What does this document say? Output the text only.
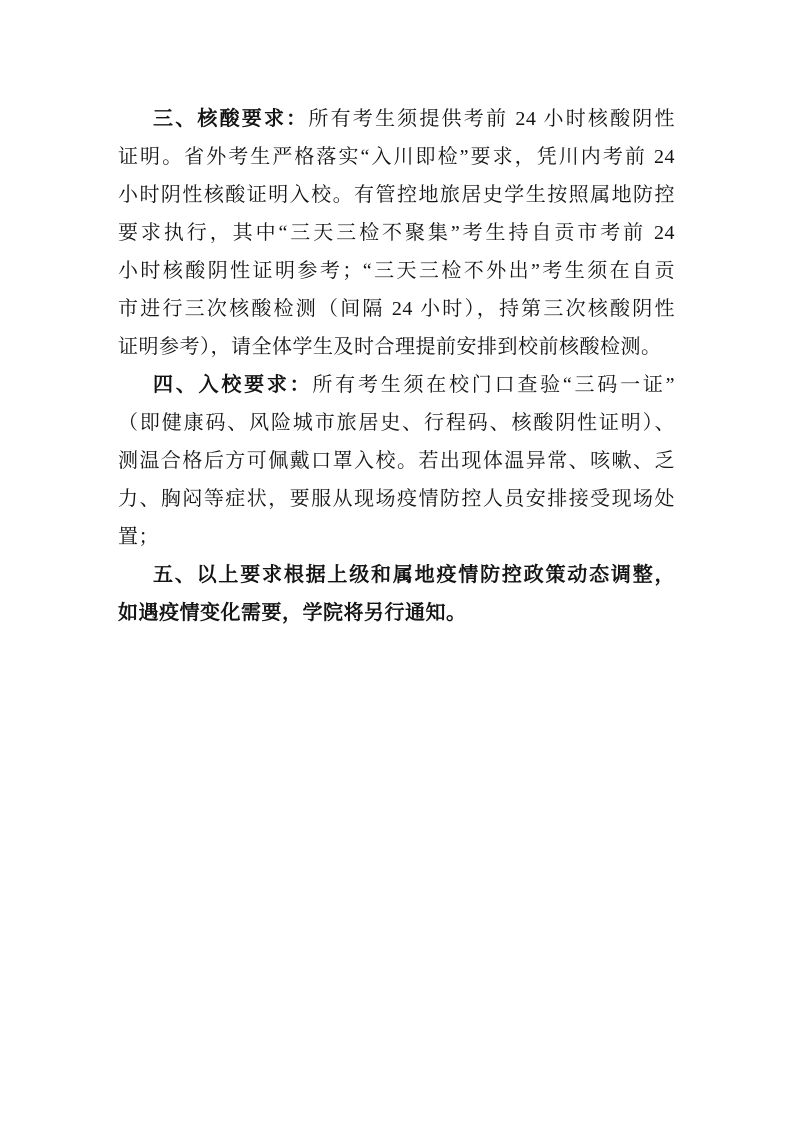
三、核酸要求：所有考生须提供考前 24 小时核酸阴性

证明。省外考生严格落实“入川即检”要求，凭川内考前 24

小时阴性核酸证明入校。有管控地旅居史学生按照属地防控

要求执行，其中“三天三检不聚集”考生持自贡市考前 24

小时核酸阴性证明参考；“三天三检不外出”考生须在自贡

市进行三次核酸检测（间隔 24 小时），持第三次核酸阴性

证明参考），请全体学生及时合理提前安排到校前核酸检测。

四、入校要求：所有考生须在校门口查验“三码一证”

（即健康码、风险城市旅居史、行程码、核酸阴性证明）、

测温合格后方可佩戴口罩入校。若出现体温异常、咳嗽、乏

力、胸闷等症状，要服从现场疫情防控人员安排接受现场处

置；

五、以上要求根据上级和属地疫情防控政策动态调整，

如遇疫情变化需要，学院将另行通知。
